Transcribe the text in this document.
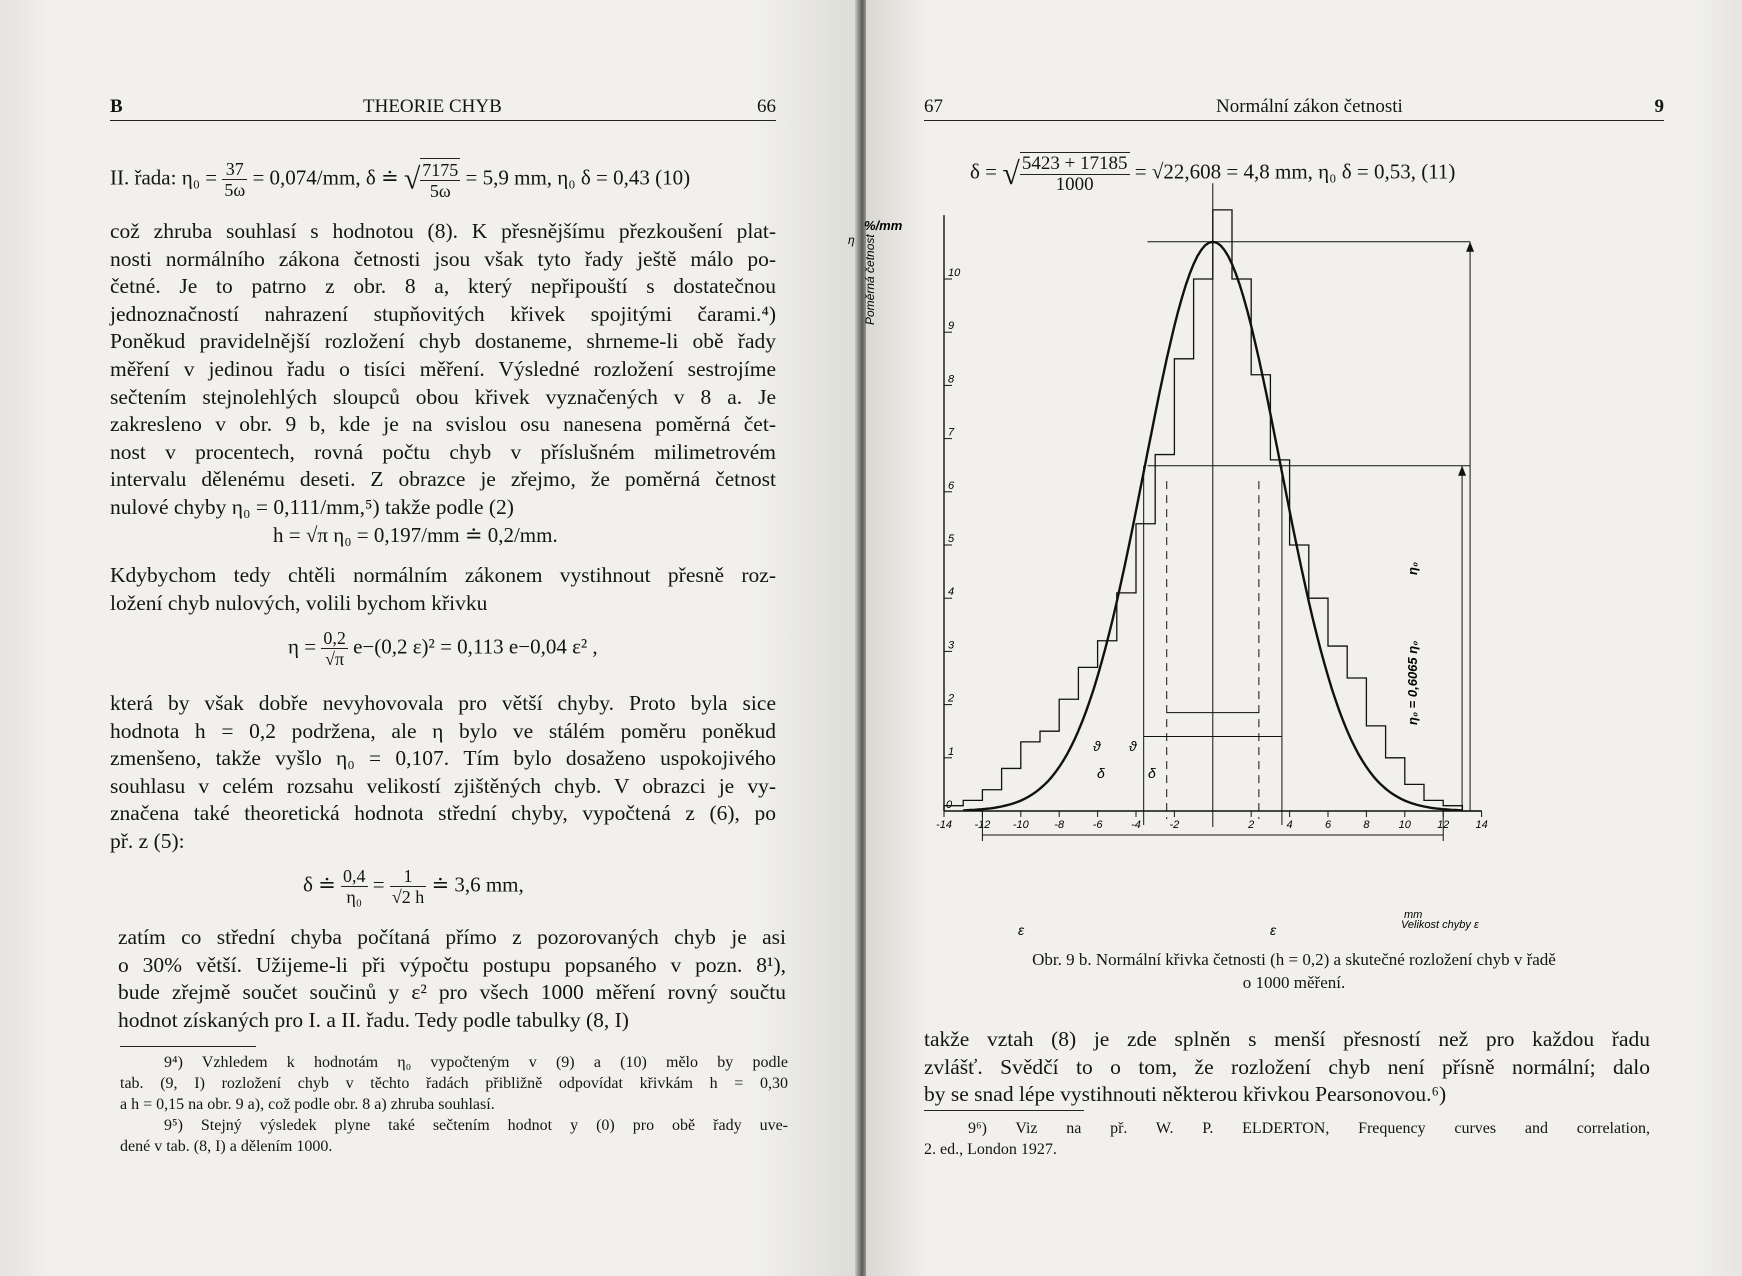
B	THEORIE CHYB	66
II. řada: $\eta_0 = \frac{37}{5\omega} = 0,074/mm$, δ ≐ √ $\frac{7175}{5\omega} = 5,9$ mm, η₀ δ = 0,43 (10)
což zhruba souhlasí s hodnotou (8). K přesnějšímu přezkoušení plat-
nosti normálního zákona četnosti jsou však tyto řady ještě málo po-
četné. Je to patrno z obr. 8 a, který nepřipouští s dostatečnou
jednoznačností nahrazení stupňovitých křivek spojitými čarami.⁴)
Poněkud pravidelnější rozložení chyb dostaneme, shrneme-li obě řady
měření v jedinou řadu o tisíci měření. Výsledné rozložení sestrojíme
sečtením stejnolehlých sloupců obou křivek vyznačených v 8 a. Je
zakresleno v obr. 9 b, kde je na svislou osu nanesena poměrná čet-
nost v procentech, rovná počtu chyb v příslušném milimetrovém
intervalu dělenému deseti. Z obrazce je zřejmo, že poměrná četnost
nulové chyby η₀ = 0,111/mm,⁵) takže podle (2)
h = √π η₀ = 0,197/mm ≐ 0,2/mm.
Kdybychom tedy chtěli normálním zákonem vystihnout přesně roz-
ložení chyb nulových, volili bychom křivku
$\eta = \frac{0,2}{√\pi} e-(0,2$ ε)² = 0,113 e−0,04 ε² ,
která by však dobře nevyhovovala pro větší chyby. Proto byla sice
hodnota h = 0,2 podržena, ale η bylo ve stálém poměru poněkud
zmenšeno, takže vyšlo η₀ = 0,107. Tím bylo dosaženo uspokojivého
souhlasu v celém rozsahu velikostí zjištěných chyb. V obrazci je vy-
značena také theoretická hodnota střední chyby, vypočtená z (6), po
př. z (5):
δ ≐ $\frac{0,4}{\text{η₀}} = \frac{1}{√2 h}$ ≐ 3,6 mm,
zatím co střední chyba počítaná přímo z pozorovaných chyb je asi
o 30% větší. Užijeme-li při výpočtu postupu popsaného v pozn. 8¹),
bude zřejmě součet součinů y ε² pro všech 1000 měření rovný součtu
hodnot získaných pro I. a II. řadu. Tedy podle tabulky (8, I)
9⁴) Vzhledem k hodnotám η₀ vypočteným v (9) a (10) mělo by podle
tab. (9, I) rozložení chyb v těchto řadách přibližně odpovídat křivkám h = 0,30
a h = 0,15 na obr. 9 a), což podle obr. 8 a) zhruba souhlasí.
9⁵) Stejný výsledek plyne také sečtením hodnot y (0) pro obě řady uve-
dené v tab. (8, I) a dělením 1000.
67	Normální zákon četnosti	9
δ = √ $\frac{5423 + 17185}{1000} = √22,608 = 4,8$ mm, η₀ δ = 0,53, (11)
Poměrná četnost
%/mm
η
Velikost chyby ε
mm
η₀ = 0,6065 η₀
η₀
ϑ ϑ
δ	δ
ε	ε
1
2
3
4
5
6
7
8
9
10
0
-14 -12 -10 -8	-6	-4	-2	2	4	6	8	10 12 14
Obr. 9 b. Normální křivka četnosti (h = 0,2) a skutečné rozložení chyb v řadě
o 1000 měření.
takže vztah (8) je zde splněn s menší přesností než pro každou řadu
zvlášť. Svědčí to o tom, že rozložení chyb není přísně normální; dalo
by se snad lépe vystihnouti některou křivkou Pearsonovou.⁶)
9⁶) Viz na př. W. P. ELDERTON, Frequency curves and correlation,
2. ed., London 1927.
